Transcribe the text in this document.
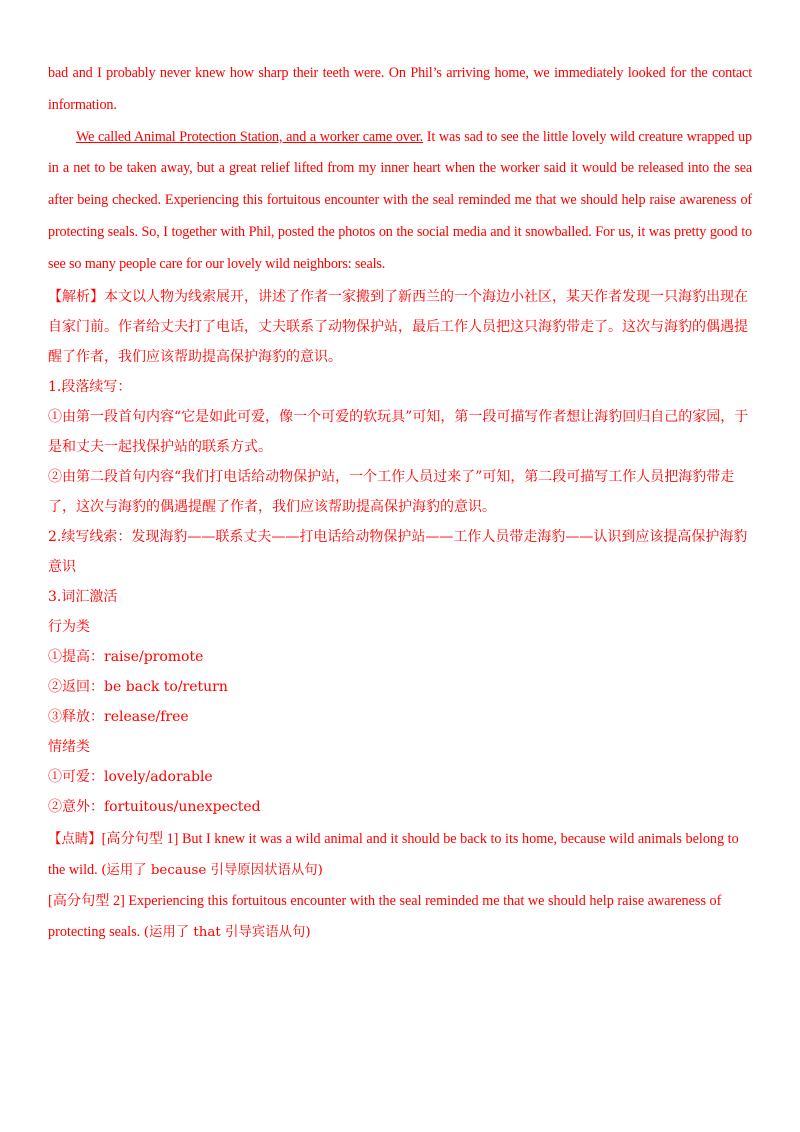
bad and I probably never knew how sharp their teeth were. On Phil’s arriving home, we immediately looked for the contact information.

We called Animal Protection Station, and a worker came over. It was sad to see the little lovely wild creature wrapped up in a net to be taken away, but a great relief lifted from my inner heart when the worker said it would be released into the sea after being checked. Experiencing this fortuitous encounter with the seal reminded me that we should help raise awareness of protecting seals. So, I together with Phil, posted the photos on the social media and it snowballed. For us, it was pretty good to see so many people care for our lovely wild neighbors: seals.

【解析】本文以人物为线索展开，讲述了作者一家搬到了新西兰的一个海边小社区，某天作者发现一只海豹出现在自家门前。作者给丈夫打了电话，丈夫联系了动物保护站，最后工作人员把这只海豹带走了。这次与海豹的偶遇提醒了作者，我们应该帮助提高保护海豹的意识。

1.段落续写：

①由第一段首句内容“它是如此可爱，像一个可爱的软玩具”可知，第一段可描写作者想让海豹回归自己的家园，于是和丈夫一起找保护站的联系方式。

②由第二段首句内容“我们打电话给动物保护站，一个工作人员过来了”可知，第二段可描写工作人员把海豹带走了，这次与海豹的偶遇提醒了作者，我们应该帮助提高保护海豹的意识。

2.续写线索：发现海豹——联系丈夫——打电话给动物保护站——工作人员带走海豹——认识到应该提高保护海豹意识

3.词汇激活

行为类

①提高：raise/promote

②返回：be back to/return

③释放：release/free

情绪类

①可爱：lovely/adorable

②意外：fortuitous/unexpected

【点睛】[高分句型 1] But I knew it was a wild animal and it should be back to its home, because wild animals belong to the wild. (运用了 because 引导原因状语从句)

[高分句型 2] Experiencing this fortuitous encounter with the seal reminded me that we should help raise awareness of protecting seals. (运用了 that 引导宾语从句)
